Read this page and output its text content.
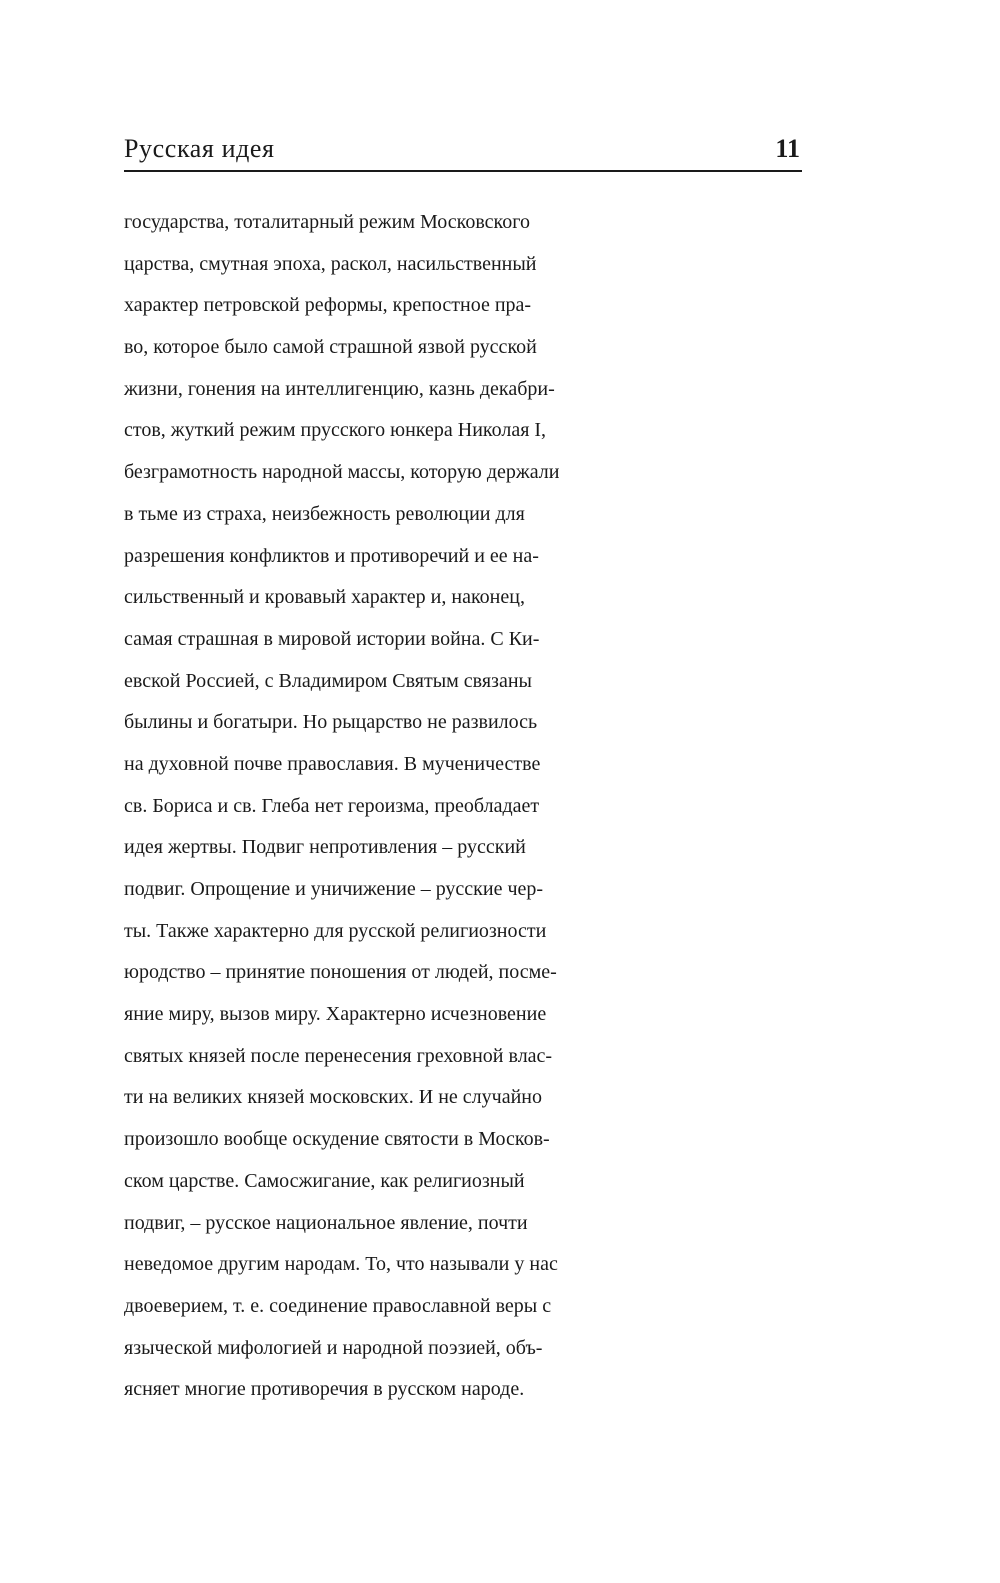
Русская идея	11
государства, тоталитарный режим Московского
царства, смутная эпоха, раскол, насильственный
характер петровской реформы, крепостное пра-
во, которое было самой страшной язвой русской
жизни, гонения на интеллигенцию, казнь декабри-
стов, жуткий режим прусского юнкера Николая I,
безграмотность народной массы, которую держали
в тьме из страха, неизбежность революции для
разрешения конфликтов и противоречий и ее на-
сильственный и кровавый характер и, наконец,
самая страшная в мировой истории война. С Ки-
евской Россией, с Владимиром Святым связаны
былины и богатыри. Но рыцарство не развилось
на духовной почве православия. В мученичестве
св. Бориса и св. Глеба нет героизма, преобладает
идея жертвы. Подвиг непротивления – русский
подвиг. Опрощение и уничижение – русские чер-
ты. Также характерно для русской религиозности
юродство – принятие поношения от людей, посме-
яние миру, вызов миру. Характерно исчезновение
святых князей после перенесения греховной влас-
ти на великих князей московских. И не случайно
произошло вообще оскудение святости в Москов-
ском царстве. Самосжигание, как религиозный
подвиг, – русское национальное явление, почти
неведомое другим народам. То, что называли у нас
двоеверием, т. е. соединение православной веры с
языческой мифологией и народной поэзией, объ-
ясняет многие противоречия в русском народе.
